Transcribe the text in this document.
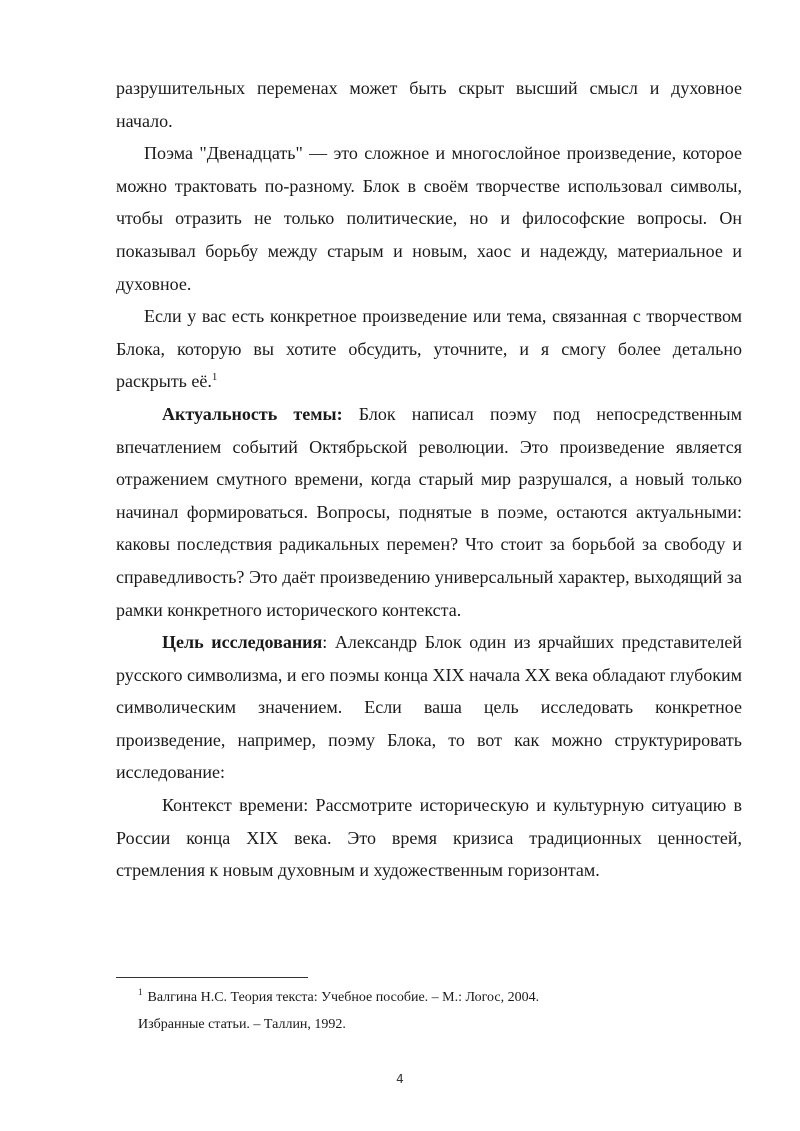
разрушительных переменах может быть скрыт высший смысл и духовное начало.

Поэма "Двенадцать" — это сложное и многослойное произведение, которое можно трактовать по-разному. Блок в своём творчестве использовал символы, чтобы отразить не только политические, но и философские вопросы. Он показывал борьбу между старым и новым, хаос и надежду, материальное и духовное.

Если у вас есть конкретное произведение или тема, связанная с творчеством Блока, которую вы хотите обсудить, уточните, и я смогу более детально раскрыть её.$^1$

Актуальность темы: Блок написал поэму под непосредственным впечатлением событий Октябрьской революции. Это произведение является отражением смутного времени, когда старый мир разрушался, а новый только начинал формироваться. Вопросы, поднятые в поэме, остаются актуальными: каковы последствия радикальных перемен? Что стоит за борьбой за свободу и справедливость? Это даёт произведению универсальный характер, выходящий за рамки конкретного исторического контекста.

Цель исследования: Александр Блок один из ярчайших представителей русского символизма, и его поэмы конца XIX начала XX века обладают глубоким символическим значением. Если ваша цель исследовать конкретное произведение, например, поэму Блока, то вот как можно структурировать исследование:

Контекст времени: Рассмотрите историческую и культурную ситуацию в России конца XIX века. Это время кризиса традиционных ценностей, стремления к новым духовным и художественным горизонтам.

$^1$ Валгина Н.С. Теория текста: Учебное пособие. – М.: Логос, 2004.

Избранные статьи. – Таллин, 1992.

4
